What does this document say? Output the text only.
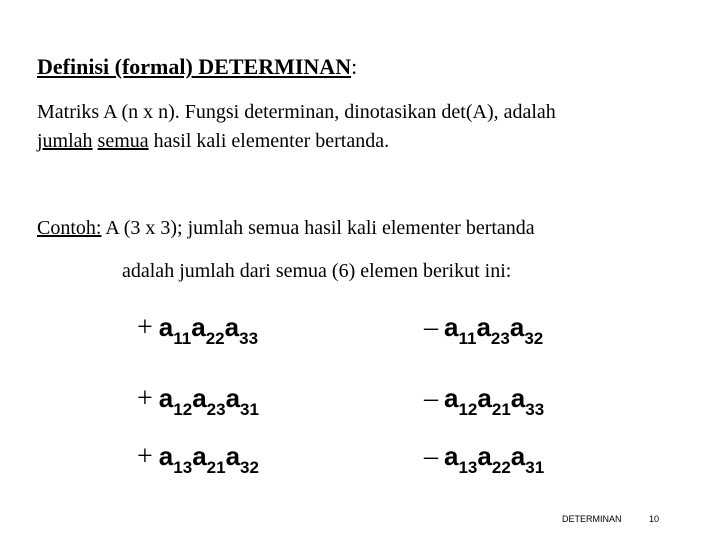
Definisi (formal) DETERMINAN:
Matriks A (n x n). Fungsi determinan, dinotasikan det(A), adalah
jumlah semua hasil kali elementer bertanda.
Contoh: A (3 x 3); jumlah semua hasil kali elementer bertanda
adalah jumlah dari semua (6) elemen berikut ini:
+ $a_{11}a_{22}a_{33}$	– $a_{11}a_{23}a_{32}$
+ $a_{12}a_{23}a_{31}$	– $a_{12}a_{21}a_{33}$
+ $a_{13}a_{21}a_{32}$	– $a_{13}a_{22}a_{31}$
DETERMINAN	10
